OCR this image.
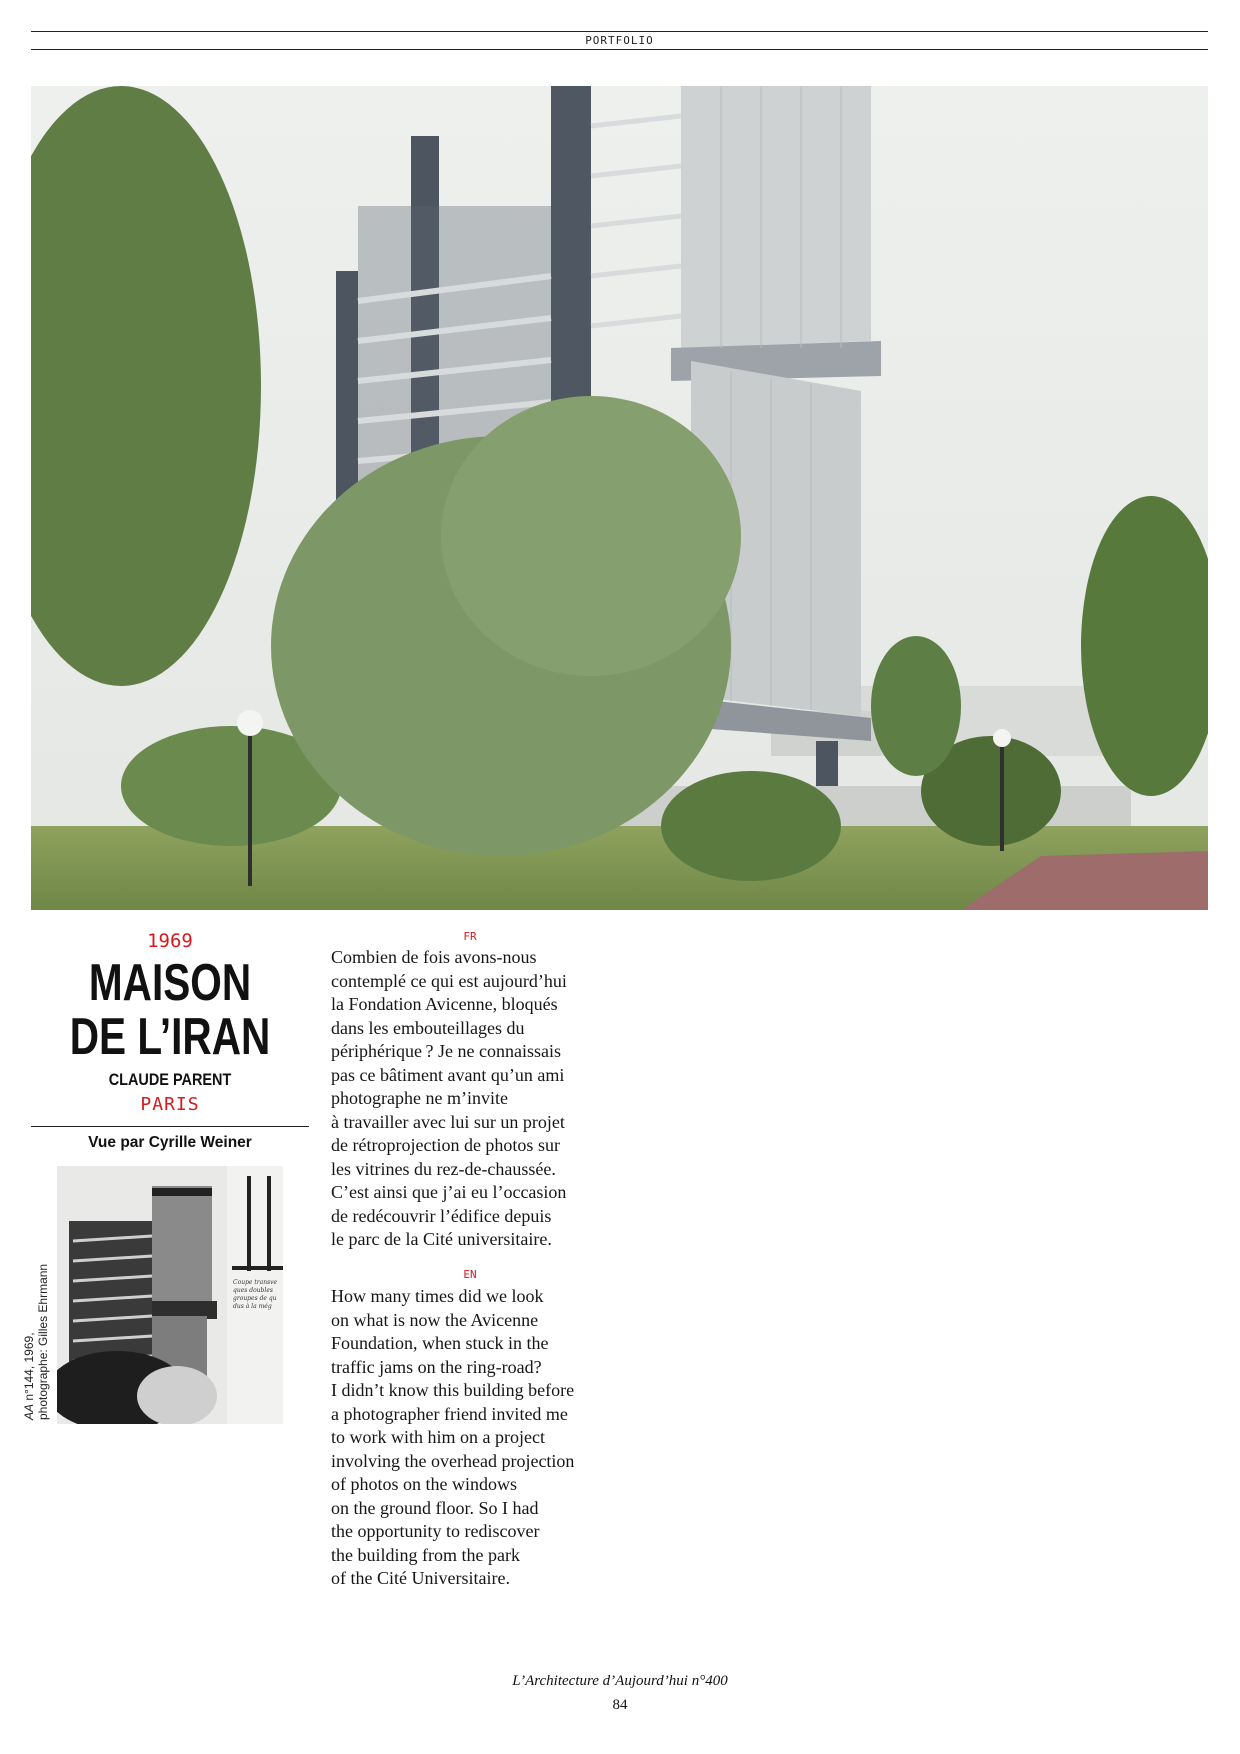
PORTFOLIO
1969
MAISON
DE L’IRAN
CLAUDE PARENT
PARIS
Vue par Cyrille Weiner
Coupe transve
ques doubles
groupes de qu
dus à la még
AA n°144, 1969, photographe: Gilles Ehrmann
FR
Combien de fois avons-nous
contemplé ce qui est aujourd’hui
la Fondation Avicenne, bloqués
dans les embouteillages du
périphérique ? Je ne connaissais
pas ce bâtiment avant qu’un ami
photographe ne m’invite
à travailler avec lui sur un projet
de rétroprojection de photos sur
les vitrines du rez-de-chaussée.
C’est ainsi que j’ai eu l’occasion
de redécouvrir l’édifice depuis
le parc de la Cité universitaire.
EN
How many times did we look
on what is now the Avicenne
Foundation, when stuck in the
traffic jams on the ring-road?
I didn’t know this building before
a photographer friend invited me
to work with him on a project
involving the overhead projection
of photos on the windows
on the ground floor. So I had
the opportunity to rediscover
the building from the park
of the Cité Universitaire.
L’Architecture d’Aujourd’hui n°400
84
